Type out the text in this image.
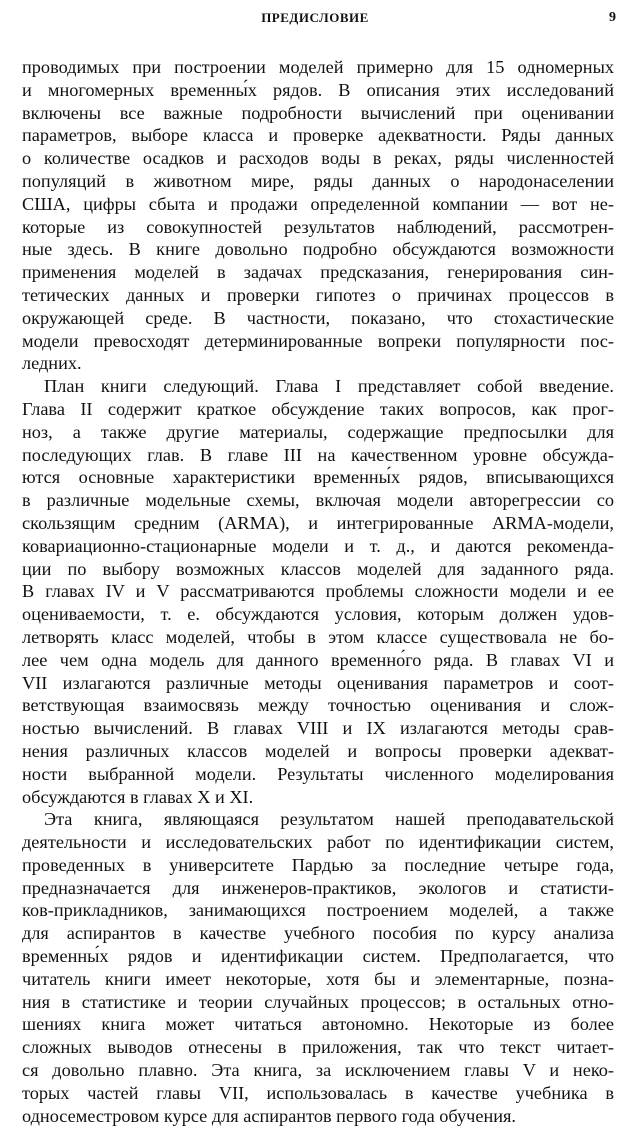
ПРЕДИСЛОВИЕ	9
проводимых при построении моделей примерно для 15 одномерных
и многомерных временны́х рядов. В описания этих исследований
включены все важные подробности вычислений при оценивании
параметров, выборе класса и проверке адекватности. Ряды данных
о количестве осадков и расходов воды в реках, ряды численностей
популяций в животном мире, ряды данных о народонаселении
США, цифры сбыта и продажи определенной компании — вот не-
которые из совокупностей результатов наблюдений, рассмотрен-
ные здесь. В книге довольно подробно обсуждаются возможности
применения моделей в задачах предсказания, генерирования син-
тетических данных и проверки гипотез о причинах процессов в
окружающей среде. В частности, показано, что стохастические
модели превосходят детерминированные вопреки популярности пос-
ледних.
План книги следующий. Глава I представляет собой введение.
Глава II содержит краткое обсуждение таких вопросов, как прог-
ноз, а также другие материалы, содержащие предпосылки для
последующих глав. В главе III на качественном уровне обсужда-
ются основные характеристики временны́х рядов, вписывающихся
в различные модельные схемы, включая модели авторегрессии со
скользящим средним (ARMA), и интегрированные ARMA-модели,
ковариационно-стационарные модели и т. д., и даются рекоменда-
ции по выбору возможных классов моделей для заданного ряда.
В главах IV и V рассматриваются проблемы сложности модели и ее
оцениваемости, т. е. обсуждаются условия, которым должен удов-
летворять класс моделей, чтобы в этом классе существовала не бо-
лее чем одна модель для данного временно́го ряда. В главах VI и
VII излагаются различные методы оценивания параметров и соот-
ветствующая взаимосвязь между точностью оценивания и слож-
ностью вычислений. В главах VIII и IX излагаются методы срав-
нения различных классов моделей и вопросы проверки адекват-
ности выбранной модели. Результаты численного моделирования
обсуждаются в главах X и XI.
Эта книга, являющаяся результатом нашей преподавательской
деятельности и исследовательских работ по идентификации систем,
проведенных в университете Пардью за последние четыре года,
предназначается для инженеров-практиков, экологов и статисти-
ков-прикладников, занимающихся построением моделей, а также
для аспирантов в качестве учебного пособия по курсу анализа
временны́х рядов и идентификации систем. Предполагается, что
читатель книги имеет некоторые, хотя бы и элементарные, позна-
ния в статистике и теории случайных процессов; в остальных отно-
шениях книга может читаться автономно. Некоторые из более
сложных выводов отнесены в приложения, так что текст читает-
ся довольно плавно. Эта книга, за исключением главы V и неко-
торых частей главы VII, использовалась в качестве учебника в
односеместровом курсе для аспирантов первого года обучения.
